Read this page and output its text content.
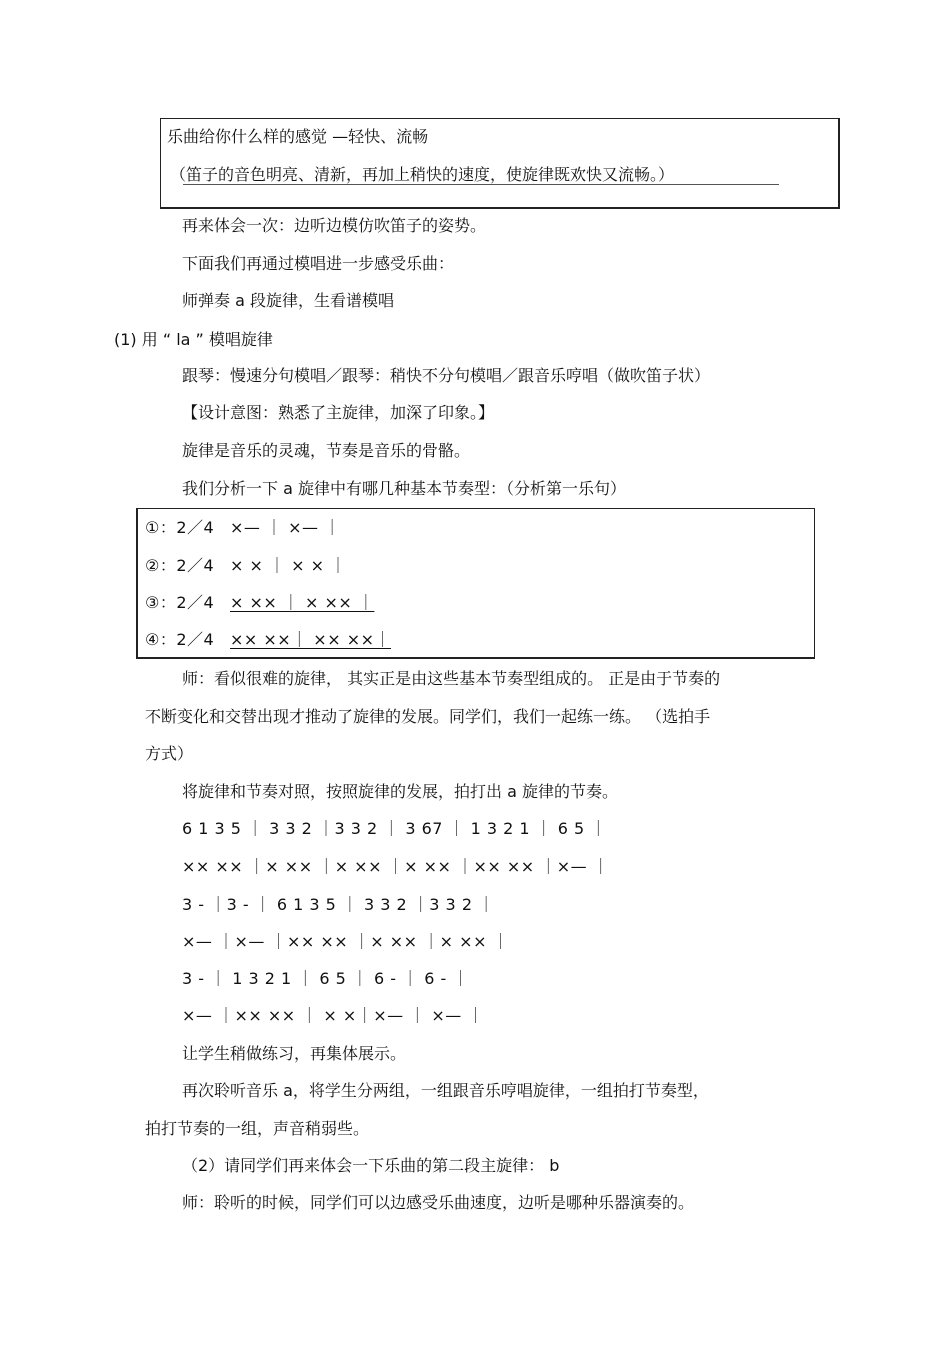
乐曲给你什么样的感觉 —轻快、流畅
（笛子的音色明亮、清新，再加上稍快的速度，使旋律既欢快又流畅。）
再来体会一次：边听边模仿吹笛子的姿势。
下面我们再通过模唱进一步感受乐曲：
师弹奏 a 段旋律，生看谱模唱
(1) 用 “ la ” 模唱旋律
跟琴：慢速分句模唱／跟琴：稍快不分句模唱／跟音乐哼唱（做吹笛子状）
【设计意图：熟悉了主旋律，加深了印象。】
旋律是音乐的灵魂，节奏是音乐的骨骼。
我们分析一下 a 旋律中有哪几种基本节奏型：（分析第一乐句）
①：2／4 ×— ｜ ×— ｜
②：2／4 × × ｜ × × ｜
③：2／4 × ×× ｜ × ×× ｜
④：2／4 ×× ××｜ ×× ××｜
师：看似很难的旋律， 其实正是由这些基本节奏型组成的。 正是由于节奏的
不断变化和交替出现才推动了旋律的发展。同学们，我们一起练一练。 （选拍手
方式）
将旋律和节奏对照，按照旋律的发展，拍打出 a 旋律的节奏。
6 1 3 5 ｜ 3 3 2 ｜3 3 2 ｜ 3 67 ｜ 1 3 2 1 ｜ 6 5 ｜
×× ×× ｜× ×× ｜× ×× ｜× ×× ｜×× ×× ｜×— ｜
3 - ｜3 - ｜ 6 1 3 5 ｜ 3 3 2 ｜3 3 2 ｜
×— ｜×— ｜×× ×× ｜× ×× ｜× ×× ｜
3 - ｜ 1 3 2 1 ｜ 6 5 ｜ 6 - ｜ 6 - ｜
×— ｜×× ×× ｜ × ×｜×— ｜ ×— ｜
让学生稍做练习，再集体展示。
再次聆听音乐 a，将学生分两组，一组跟音乐哼唱旋律，一组拍打节奏型，
拍打节奏的一组，声音稍弱些。
（2）请同学们再来体会一下乐曲的第二段主旋律： b
师：聆听的时候，同学们可以边感受乐曲速度，边听是哪种乐器演奏的。
